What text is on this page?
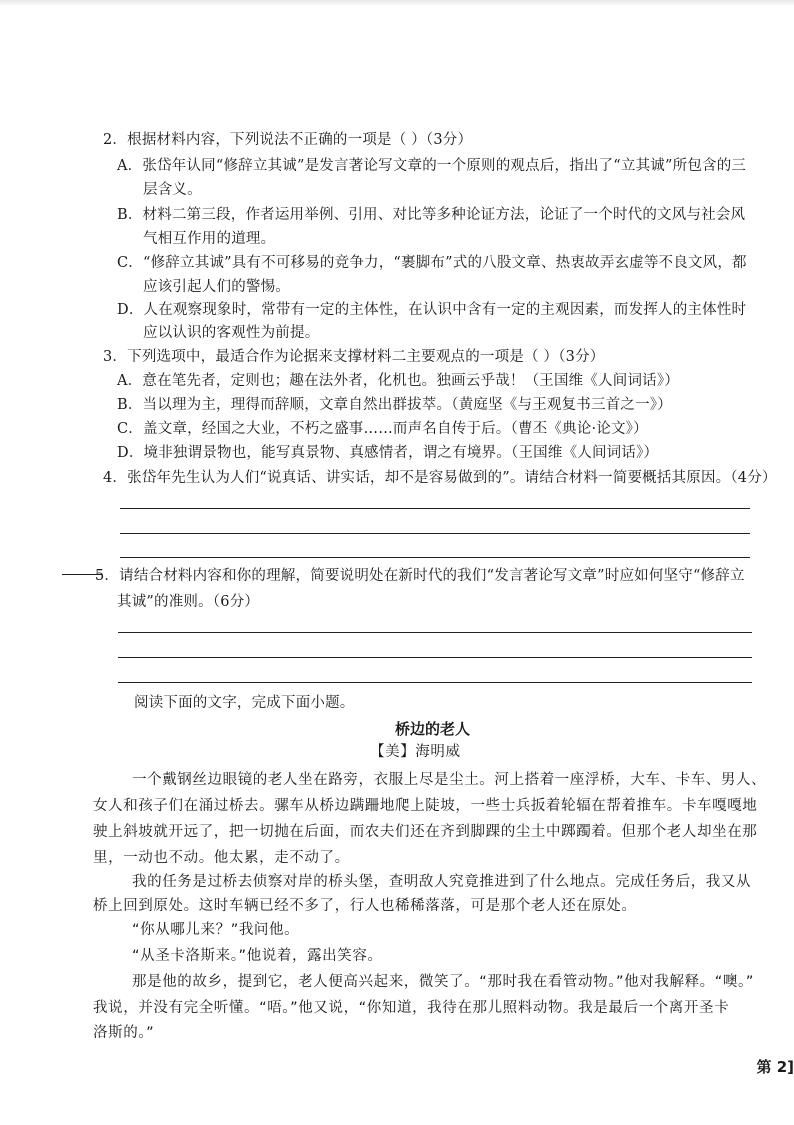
2．根据材料内容，下列说法不正确的一项是（ ）（3分）
A．张岱年认同“修辞立其诚”是发言著论写文章的一个原则的观点后，指出了“立其诚”所包含的三
层含义。
B．材料二第三段，作者运用举例、引用、对比等多种论证方法，论证了一个时代的文风与社会风
气相互作用的道理。
C．“修辞立其诚”具有不可移易的竞争力，“裹脚布”式的八股文章、热衷故弄玄虚等不良文风，都
应该引起人们的警惕。
D．人在观察现象时，常带有一定的主体性，在认识中含有一定的主观因素，而发挥人的主体性时
应以认识的客观性为前提。
3．下列选项中，最适合作为论据来支撑材料二主要观点的一项是（ ）（3分）
A．意在笔先者，定则也；趣在法外者，化机也。独画云乎哉！（王国维《人间词话》）
B．当以理为主，理得而辞顺，文章自然出群拔萃。（黄庭坚《与王观复书三首之一》）
C．盖文章，经国之大业，不朽之盛事……而声名自传于后。（曹丕《典论·论文》）
D．境非独谓景物也，能写真景物、真感情者，谓之有境界。（王国维《人间词话》）
4．张岱年先生认为人们“说真话、讲实话，却不是容易做到的”。请结合材料一简要概括其原因。（4分）
5．请结合材料内容和你的理解，简要说明处在新时代的我们“发言著论写文章”时应如何坚守“修辞立
其诚”的准则。（6分）
阅读下面的文字，完成下面小题。
桥边的老人
【美】海明威
一个戴钢丝边眼镜的老人坐在路旁，衣服上尽是尘土。河上搭着一座浮桥，大车、卡车、男人、
女人和孩子们在涌过桥去。骡车从桥边蹒跚地爬上陡坡，一些士兵扳着轮辐在帮着推车。卡车嘎嘎地
驶上斜坡就开远了，把一切抛在后面，而农夫们还在齐到脚踝的尘土中踯躅着。但那个老人却坐在那
里，一动也不动。他太累，走不动了。
我的任务是过桥去侦察对岸的桥头堡，查明敌人究竟推进到了什么地点。完成任务后，我又从
桥上回到原处。这时车辆已经不多了，行人也稀稀落落，可是那个老人还在原处。
“你从哪儿来？”我问他。
“从圣卡洛斯来。”他说着，露出笑容。
那是他的故乡，提到它，老人便高兴起来，微笑了。“那时我在看管动物。”他对我解释。“噢。”
我说，并没有完全听懂。“唔。”他又说，“你知道，我待在那儿照料动物。我是最后一个离开圣卡
洛斯的。”
第 2]
